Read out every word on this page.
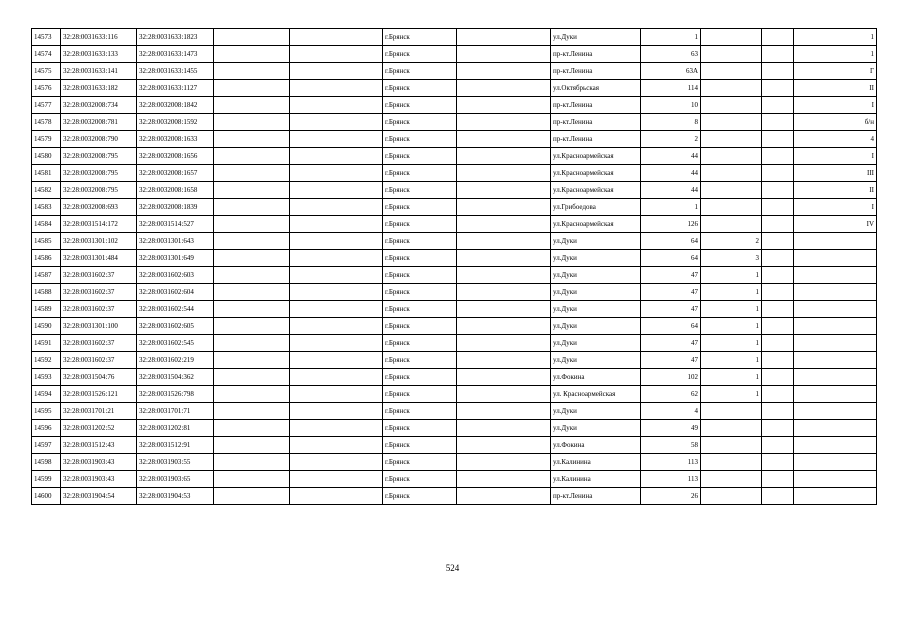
14573	32:28:0031633:116	32:28:0031633:1823			г.Брянск		ул.Дуки	1			1
14574	32:28:0031633:133	32:28:0031633:1473			г.Брянск		пр-кт.Ленина	63			1
14575	32:28:0031633:141	32:28:0031633:1455			г.Брянск		пр-кт.Ленина	63А			Г
14576	32:28:0031633:182	32:28:0031633:1127			г.Брянск		ул.Октябрьская	114			II
14577	32:28:0032008:734	32:28:0032008:1842			г.Брянск		пр-кт.Ленина	10			I
14578	32:28:0032008:781	32:28:0032008:1592			г.Брянск		пр-кт.Ленина	8			б/н
14579	32:28:0032008:790	32:28:0032008:1633			г.Брянск		пр-кт.Ленина	2			4
14580	32:28:0032008:795	32:28:0032008:1656			г.Брянск		ул.Красноармейская	44			I
14581	32:28:0032008:795	32:28:0032008:1657			г.Брянск		ул.Красноармейская	44			III
14582	32:28:0032008:795	32:28:0032008:1658			г.Брянск		ул.Красноармейская	44			II
14583	32:28:0032008:693	32:28:0032008:1839			г.Брянск		ул.Грибоедова	1			I
14584	32:28:0031514:172	32:28:0031514:527			г.Брянск		ул.Красноармейская	126			IV
14585	32:28:0031301:102	32:28:0031301:643			г.Брянск		ул.Дуки	64	2		
14586	32:28:0031301:484	32:28:0031301:649			г.Брянск		ул.Дуки	64	3		
14587	32:28:0031602:37	32:28:0031602:603			г.Брянск		ул.Дуки	47	1		
14588	32:28:0031602:37	32:28:0031602:604			г.Брянск		ул.Дуки	47	1		
14589	32:28:0031602:37	32:28:0031602:544			г.Брянск		ул.Дуки	47	1		
14590	32:28:0031301:100	32:28:0031602:605			г.Брянск		ул.Дуки	64	1		
14591	32:28:0031602:37	32:28:0031602:545			г.Брянск		ул.Дуки	47	1		
14592	32:28:0031602:37	32:28:0031602:219			г.Брянск		ул.Дуки	47	1		
14593	32:28:0031504:76	32:28:0031504:362			г.Брянск		ул.Фокина	102	1		
14594	32:28:0031526:121	32:28:0031526:798			г.Брянск		ул. Красноармейская	62	1		
14595	32:28:0031701:21	32:28:0031701:71			г.Брянск		ул.Дуки	4			
14596	32:28:0031202:52	32:28:0031202:81			г.Брянск		ул.Дуки	49			
14597	32:28:0031512:43	32:28:0031512:91			г.Брянск		ул.Фокина	58			
14598	32:28:0031903:43	32:28:0031903:55			г.Брянск		ул.Калинина	113			
14599	32:28:0031903:43	32:28:0031903:65			г.Брянск		ул.Калинина	113			
14600	32:28:0031904:54	32:28:0031904:53			г.Брянск		пр-кт.Ленина	26			
524
